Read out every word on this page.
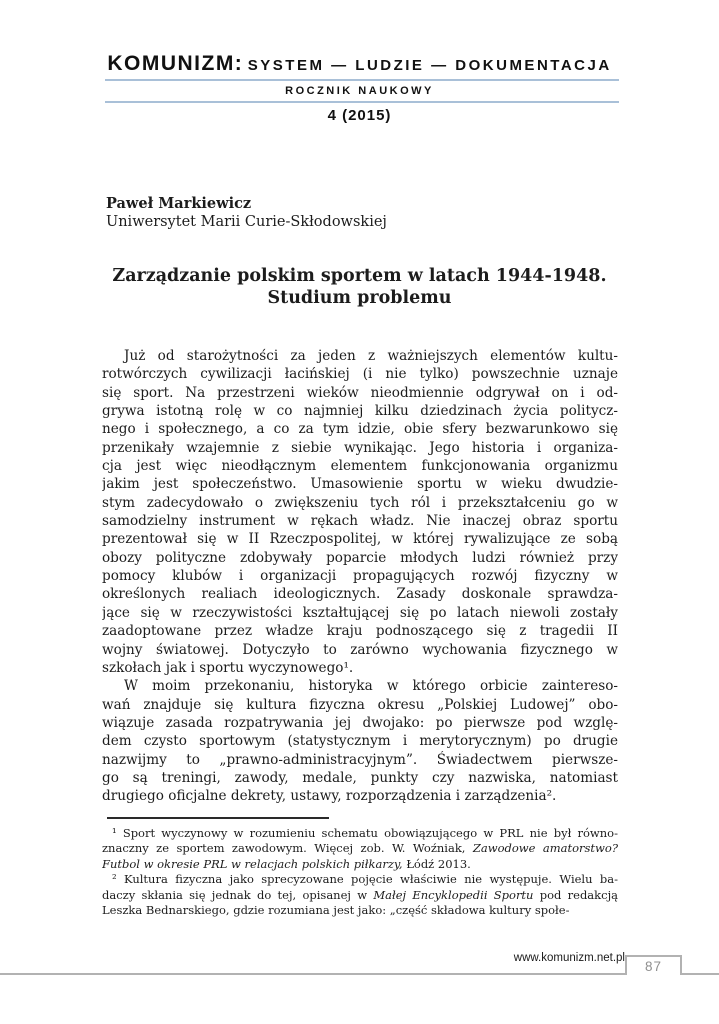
KOMUNIZM: SYSTEM — LUDZIE — DOKUMENTACJA
ROCZNIK NAUKOWY
4 (2015)
Paweł Markiewicz
Uniwersytet Marii Curie-Skłodowskiej
Zarządzanie polskim sportem w latach 1944-1948.
Studium problemu
Już od starożytności za jeden z ważniejszych elementów kultu-
rotwórczych cywilizacji łacińskiej (i nie tylko) powszechnie uznaje
się sport. Na przestrzeni wieków nieodmiennie odgrywał on i od-
grywa istotną rolę w co najmniej kilku dziedzinach życia politycz-
nego i społecznego, a co za tym idzie, obie sfery bezwarunkowo się
przenikały wzajemnie z siebie wynikając. Jego historia i organiza-
cja jest więc nieodłącznym elementem funkcjonowania organizmu
jakim jest społeczeństwo. Umasowienie sportu w wieku dwudzie-
stym zadecydowało o zwiększeniu tych ról i przekształceniu go w
samodzielny instrument w rękach władz. Nie inaczej obraz sportu
prezentował się w II Rzeczpospolitej, w której rywalizujące ze sobą
obozy polityczne zdobywały poparcie młodych ludzi również przy
pomocy klubów i organizacji propagujących rozwój fizyczny w
określonych realiach ideologicznych. Zasady doskonale sprawdza-
jące się w rzeczywistości kształtującej się po latach niewoli zostały
zaadoptowane przez władze kraju podnoszącego się z tragedii II
wojny światowej. Dotyczyło to zarówno wychowania fizycznego w
szkołach jak i sportu wyczynowego¹.
W moim przekonaniu, historyka w którego orbicie zaintereso-
wań znajduje się kultura fizyczna okresu „Polskiej Ludowej” obo-
wiązuje zasada rozpatrywania jej dwojako: po pierwsze pod wzglę-
dem czysto sportowym (statystycznym i merytorycznym) po drugie
nazwijmy to „prawno-administracyjnym”. Świadectwem pierwsze-
go są treningi, zawody, medale, punkty czy nazwiska, natomiast
drugiego oficjalne dekrety, ustawy, rozporządzenia i zarządzenia².
¹ Sport wyczynowy w rozumieniu schematu obowiązującego w PRL nie był równo-
znaczny ze sportem zawodowym. Więcej zob. W. Woźniak, Zawodowe amatorstwo?
Futbol w okresie PRL w relacjach polskich piłkarzy, Łódź 2013.
² Kultura fizyczna jako sprecyzowane pojęcie właściwie nie występuje. Wielu ba-
daczy skłania się jednak do tej, opisanej w Małej Encyklopedii Sportu pod redakcją
Leszka Bednarskiego, gdzie rozumiana jest jako: „część składowa kultury społe-
www.komunizm.net.pl
87
